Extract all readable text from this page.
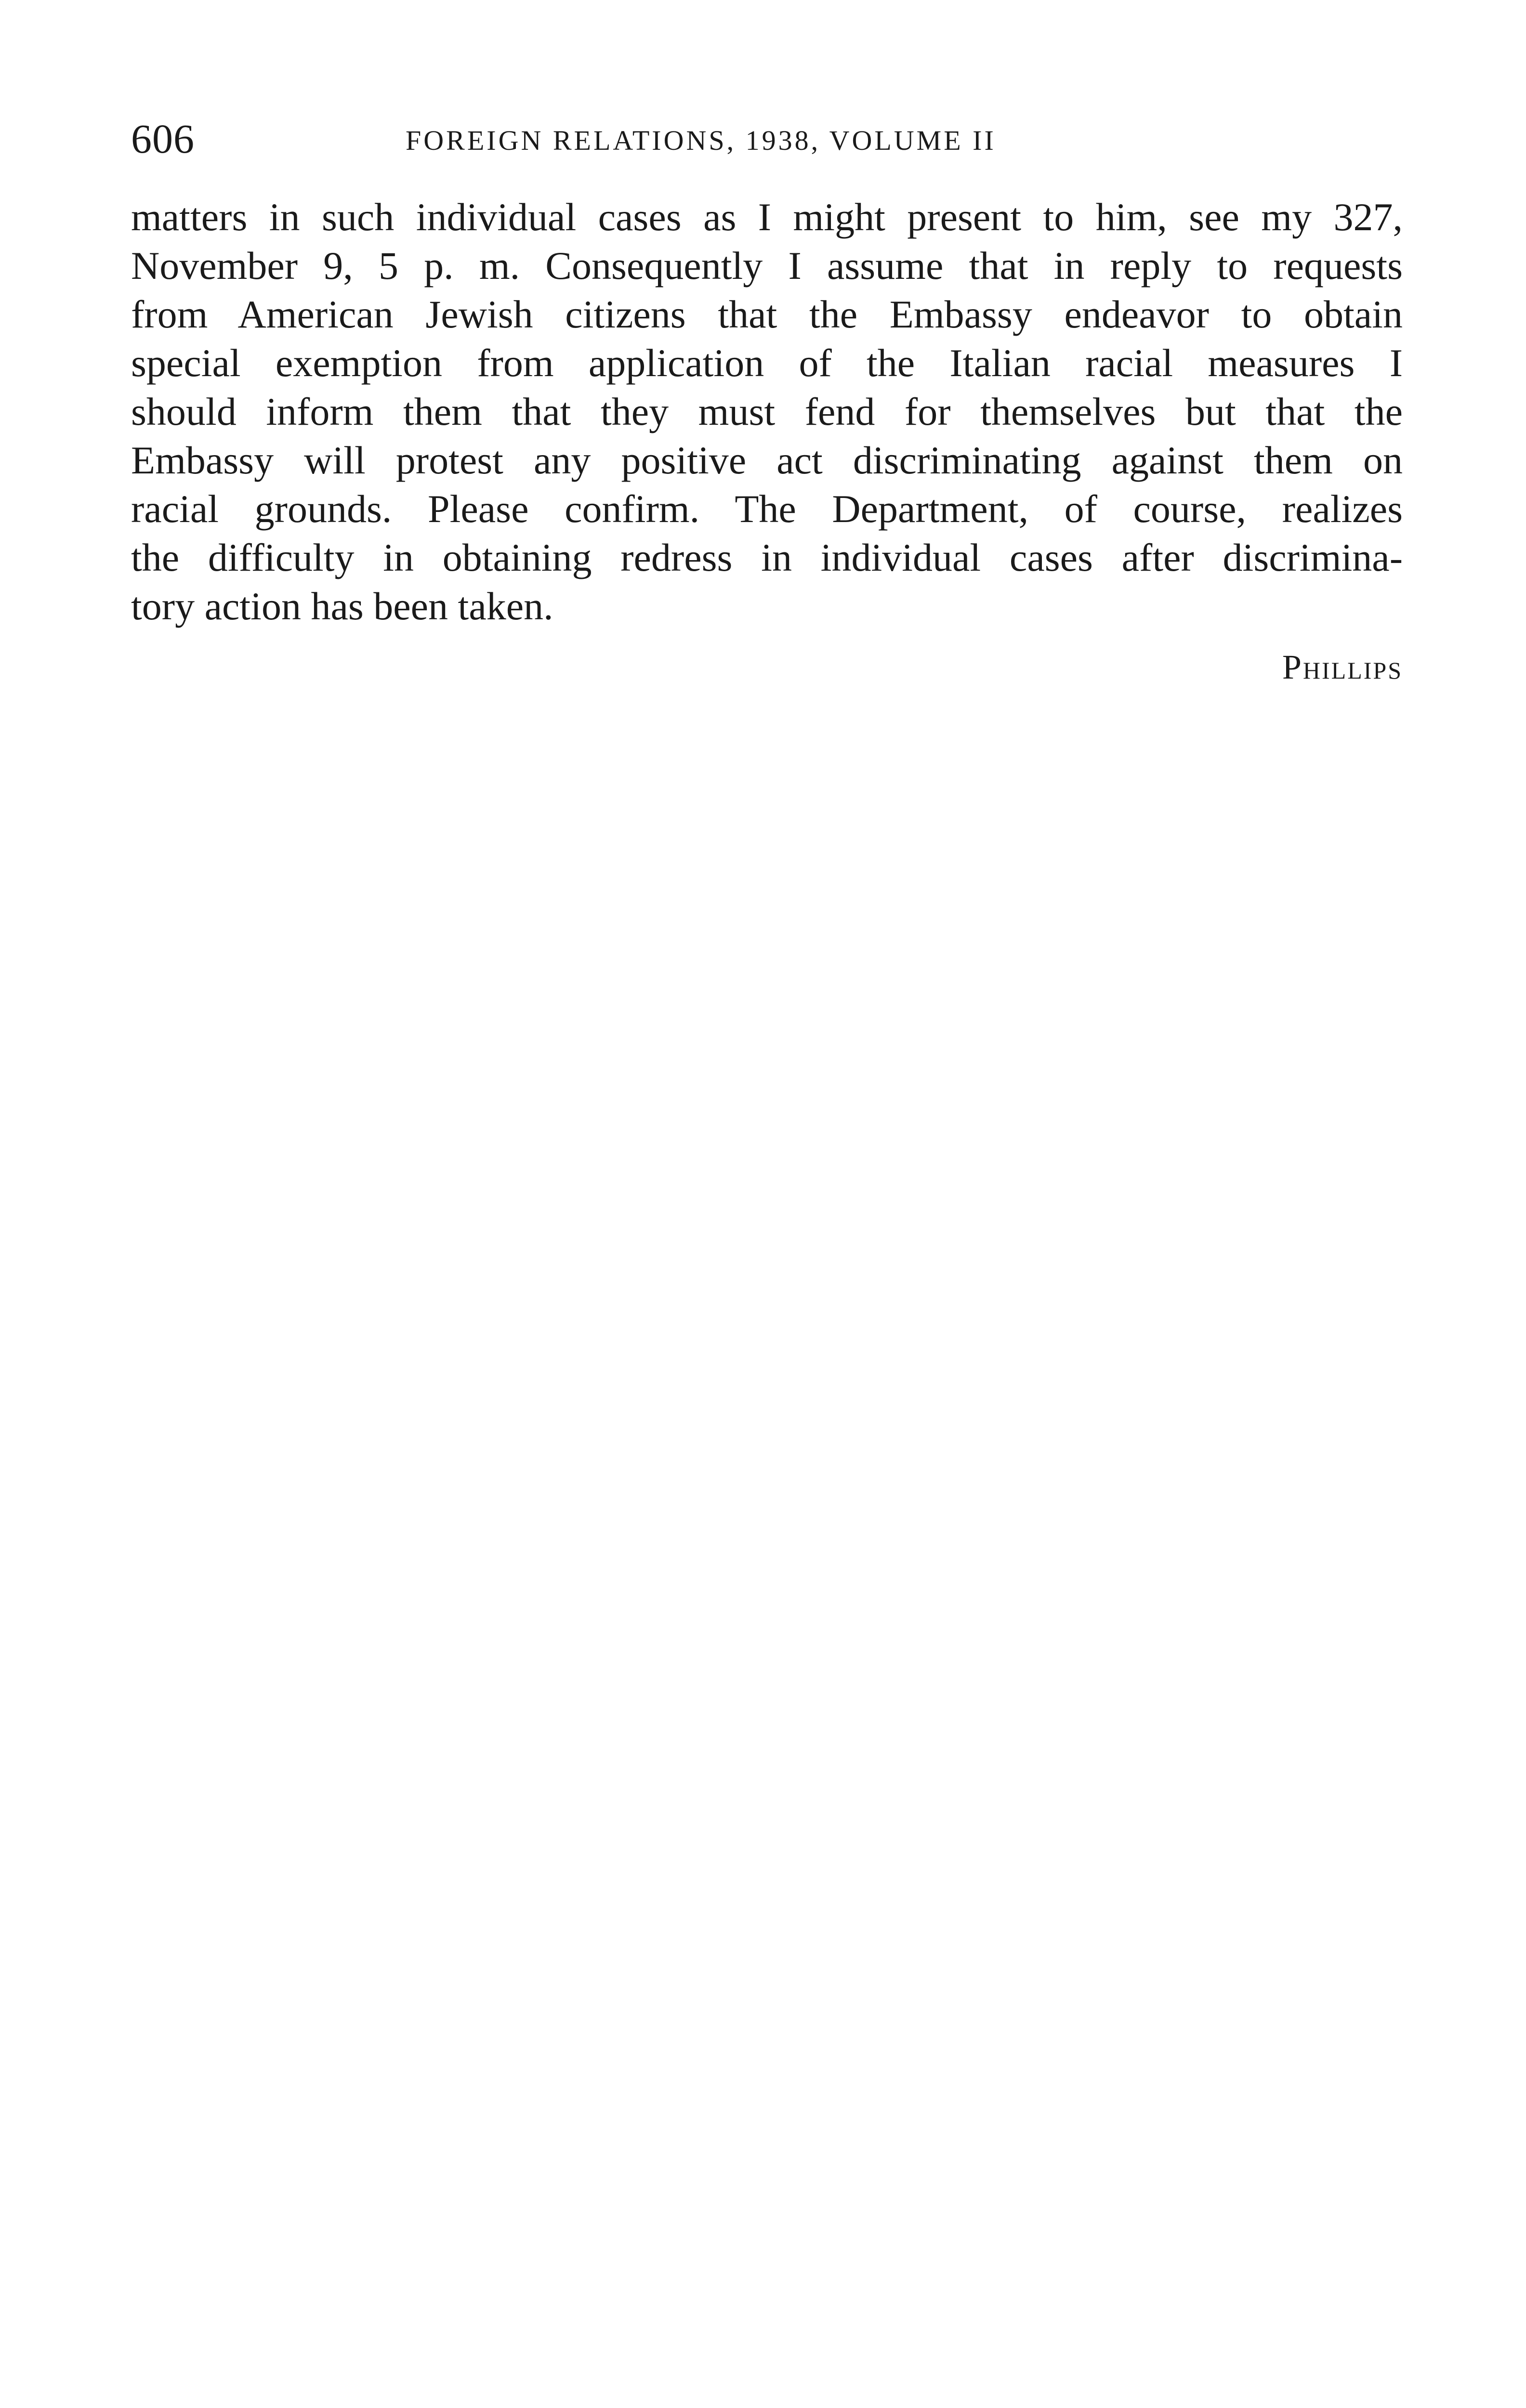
606	FOREIGN RELATIONS, 1938, VOLUME II
matters in such individual cases as I might present to him, see my 327,
November 9, 5 p. m. Consequently I assume that in reply to requests
from American Jewish citizens that the Embassy endeavor to obtain
special exemption from application of the Italian racial measures I
should inform them that they must fend for themselves but that the
Embassy will protest any positive act discriminating against them on
racial grounds. Please confirm. The Department, of course, realizes
the difficulty in obtaining redress in individual cases after discrimina-
tory action has been taken.
Phillips
